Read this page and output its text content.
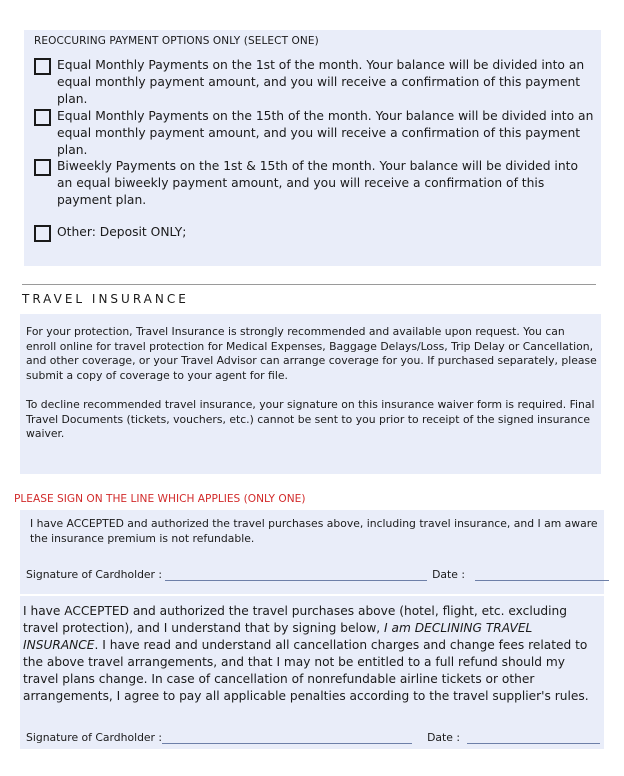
REOCCURING PAYMENT OPTIONS ONLY (SELECT ONE)
Equal Monthly Payments on the 1st of the month. Your balance will be divided into an equal monthly payment amount, and you will receive a confirmation of this payment plan.
Equal Monthly Payments on the 15th of the month. Your balance will be divided into an equal monthly payment amount, and you will receive a confirmation of this payment plan.
Biweekly Payments on the 1st & 15th of the month. Your balance will be divided into an equal biweekly payment amount, and you will receive a confirmation of this payment plan.
Other: Deposit ONLY;
TRAVEL INSURANCE
For your protection, Travel Insurance is strongly recommended and available upon request. You can enroll online for travel protection for Medical Expenses, Baggage Delays/Loss, Trip Delay or Cancellation, and other coverage, or your Travel Advisor can arrange coverage for you. If purchased separately, please submit a copy of coverage to your agent for file.
To decline recommended travel insurance, your signature on this insurance waiver form is required. Final Travel Documents (tickets, vouchers, etc.) cannot be sent to you prior to receipt of the signed insurance waiver.
PLEASE SIGN ON THE LINE WHICH APPLIES (ONLY ONE)
I have ACCEPTED and authorized the travel purchases above, including travel insurance, and I am aware the insurance premium is not refundable.
Signature of Cardholder :	Date :
I have ACCEPTED and authorized the travel purchases above (hotel, flight, etc. excluding travel protection), and I understand that by signing below, I am DECLINING TRAVEL INSURANCE. I have read and understand all cancellation charges and change fees related to the above travel arrangements, and that I may not be entitled to a full refund should my travel plans change. In case of cancellation of nonrefundable airline tickets or other arrangements, I agree to pay all applicable penalties according to the travel supplier's rules.
Signature of Cardholder :	Date :
